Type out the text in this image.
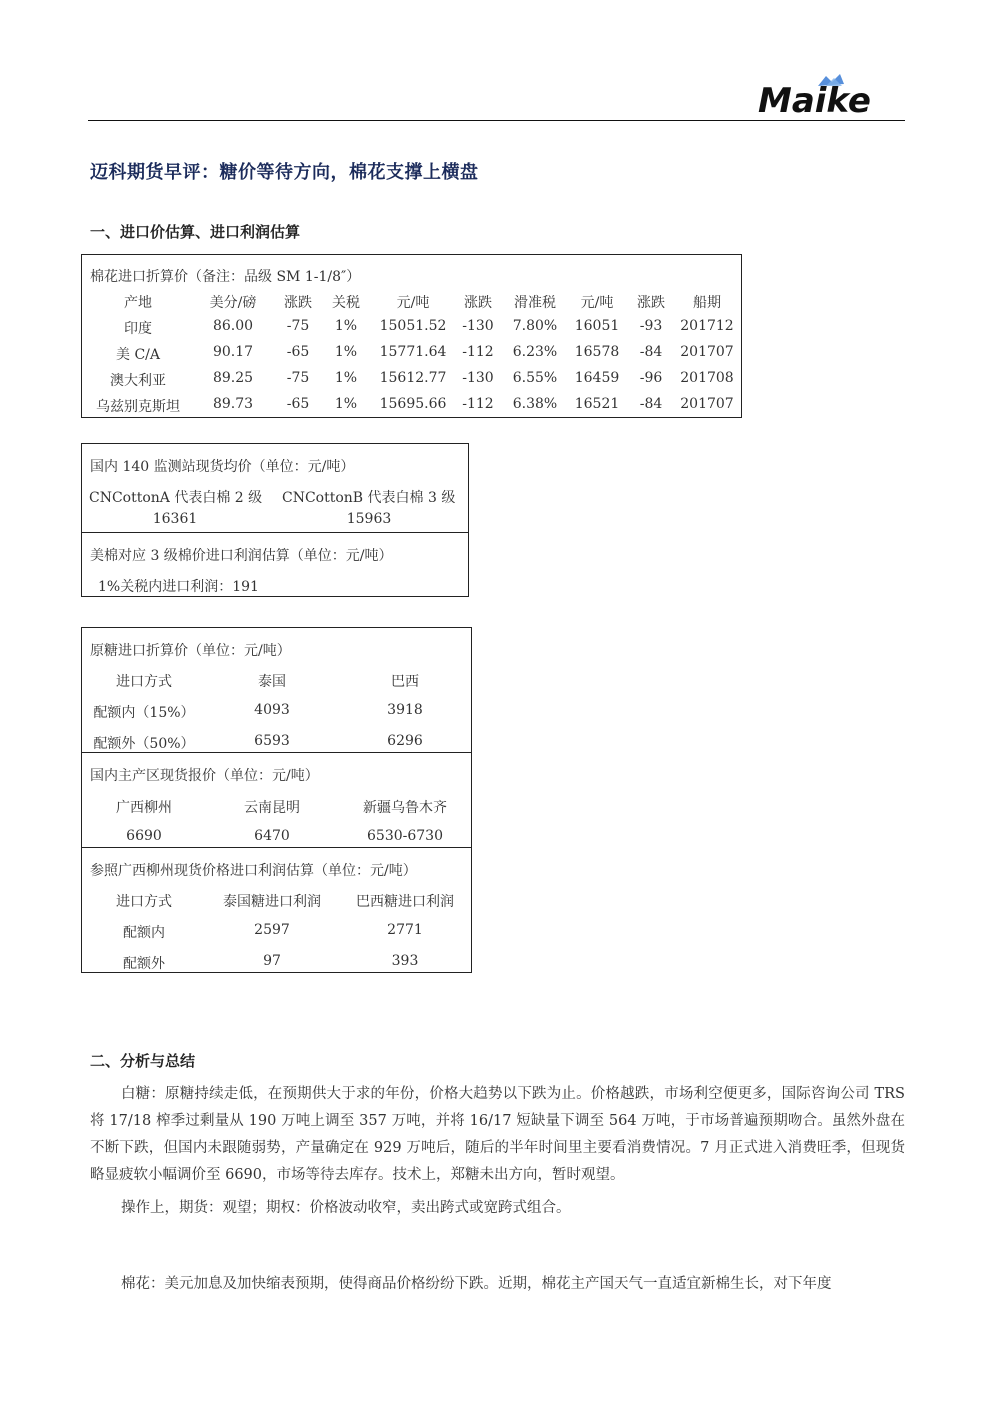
Maike
迈科期货早评：糖价等待方向，棉花支撑上横盘
一、进口价估算、进口利润估算
棉花进口折算价（备注：品级 SM 1-1/8″）
产地	美分/磅	涨跌	关税	元/吨	涨跌	滑准税	元/吨	涨跌	船期
印度	86.00	-75	1%	15051.52	-130	7.80%	16051	-93	201712
美 C/A	90.17	-65	1%	15771.64	-112	6.23%	16578	-84	201707
澳大利亚	89.25	-75	1%	15612.77	-130	6.55%	16459	-96	201708
乌兹别克斯坦	89.73	-65	1%	15695.66	-112	6.38%	16521	-84	201707
国内 140 监测站现货均价（单位：元/吨）
CNCottonA 代表白棉 2 级 CNCottonB 代表白棉 3 级
16361	15963
美棉对应 3 级棉价进口利润估算（单位：元/吨）
1%关税内进口利润：191
原糖进口折算价（单位：元/吨）
进口方式	泰国	巴西
配额内（15%）	4093	3918
配额外（50%）	6593	6296
国内主产区现货报价（单位：元/吨）
广西柳州	云南昆明	新疆乌鲁木齐
6690	6470	6530-6730
参照广西柳州现货价格进口利润估算（单位：元/吨）
进口方式	泰国糖进口利润	巴西糖进口利润
配额内	2597	2771
配额外	97	393
二、分析与总结
白糖：原糖持续走低，在预期供大于求的年份，价格大趋势以下跌为止。价格越跌，市场利空便更多，国际咨询公司 TRS 将 17/18 榨季过剩量从 190 万吨上调至 357 万吨，并将 16/17 短缺量下调至 564 万吨，于市场普遍预期吻合。虽然外盘在不断下跌，但国内未跟随弱势，产量确定在 929 万吨后，随后的半年时间里主要看消费情况。7 月正式进入消费旺季，但现货略显疲软小幅调价至 6690，市场等待去库存。技术上，郑糖未出方向，暂时观望。
操作上，期货：观望；期权：价格波动收窄，卖出跨式或宽跨式组合。
棉花：美元加息及加快缩表预期，使得商品价格纷纷下跌。近期，棉花主产国天气一直适宜新棉生长，对下年度
